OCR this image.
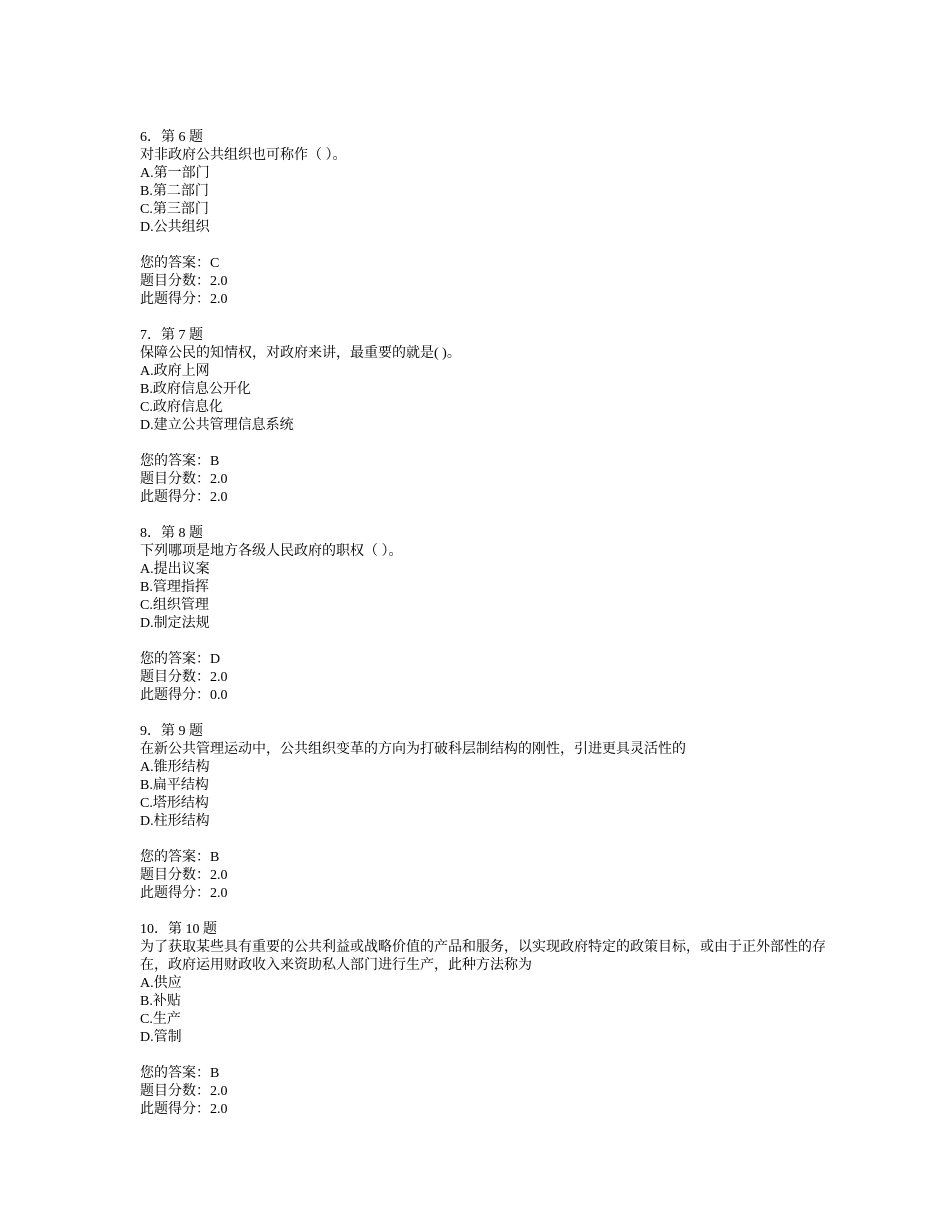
6．第 6 题
对非政府公共组织也可称作（ ）。
A.第一部门
B.第二部门
C.第三部门
D.公共组织
您的答案：C
题目分数：2.0
此题得分：2.0
7．第 7 题
保障公民的知情权，对政府来讲，最重要的就是( )。
A.政府上网
B.政府信息公开化
C.政府信息化
D.建立公共管理信息系统
您的答案：B
题目分数：2.0
此题得分：2.0
8．第 8 题
下列哪项是地方各级人民政府的职权（ ）。
A.提出议案
B.管理指挥
C.组织管理
D.制定法规
您的答案：D
题目分数：2.0
此题得分：0.0
9．第 9 题
在新公共管理运动中，公共组织变革的方向为打破科层制结构的刚性，引进更具灵活性的
A.锥形结构
B.扁平结构
C.塔形结构
D.柱形结构
您的答案：B
题目分数：2.0
此题得分：2.0
10．第 10 题
为了获取某些具有重要的公共利益或战略价值的产品和服务，以实现政府特定的政策目标，或由于正外部性的存在，政府运用财政收入来资助私人部门进行生产，此种方法称为
A.供应
B.补贴
C.生产
D.管制
您的答案：B
题目分数：2.0
此题得分：2.0
